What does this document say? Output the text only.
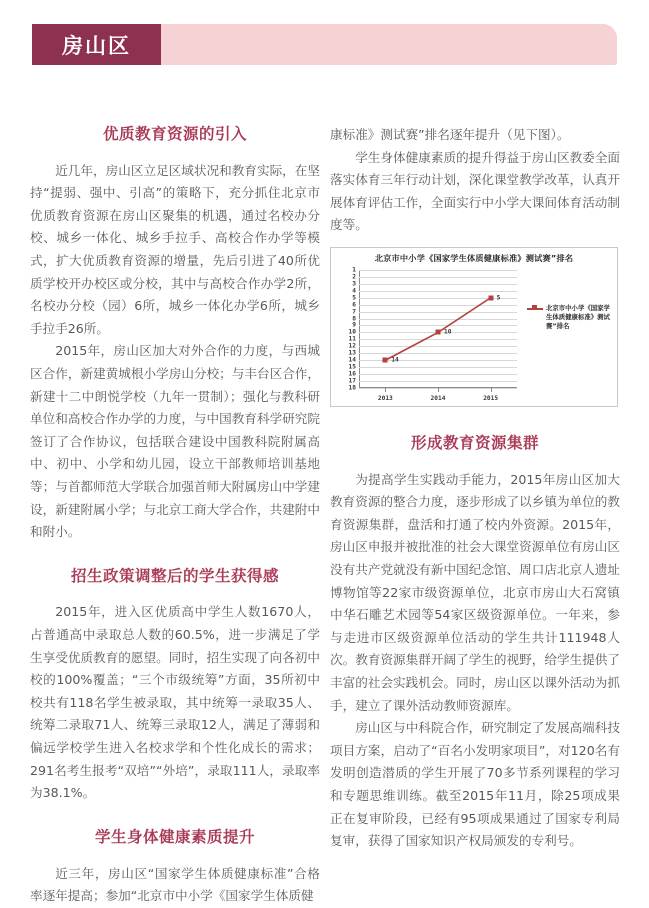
房山区
优质教育资源的引入

近几年，房山区立足区域状况和教育实际，在坚持“提弱、强中、引高”的策略下，充分抓住北京市优质教育资源在房山区聚集的机遇，通过名校办分校、城乡一体化、城乡手拉手、高校合作办学等模式，扩大优质教育资源的增量，先后引进了40所优质学校开办校区或分校，其中与高校合作办学2所，名校办分校（园）6所，城乡一体化办学6所，城乡手拉手26所。

2015年，房山区加大对外合作的力度，与西城区合作，新建黄城根小学房山分校；与丰台区合作，新建十二中朗悦学校（九年一贯制）；强化与教科研单位和高校合作办学的力度，与中国教育科学研究院签订了合作协议，包括联合建设中国教科院附属高中、初中、小学和幼儿园，设立干部教师培训基地等；与首都师范大学联合加强首师大附属房山中学建设，新建附属小学；与北京工商大学合作，共建附中和附小。

招生政策调整后的学生获得感

2015年，进入区优质高中学生人数1670人，占普通高中录取总人数的60.5%，进一步满足了学生享受优质教育的愿望。同时，招生实现了向各初中校的100%覆盖；“三个市级统筹”方面，35所初中校共有118名学生被录取，其中统筹一录取35人、统筹二录取71人、统筹三录取12人，满足了薄弱和偏远学校学生进入名校求学和个性化成长的需求；291名考生报考“双培”“外培”，录取111人，录取率为38.1%。

学生身体健康素质提升

近三年，房山区“国家学生体质健康标准”合格率逐年提高；参加“北京市中小学《国家学生体质健

康标准》测试赛”排名逐年提升（见下图）。

学生身体健康素质的提升得益于房山区教委全面落实体育三年行动计划，深化课堂教学改革，认真开展体育评估工作，全面实行中小学大课间体育活动制度等。

北京市中小学《国家学生体质健康标准》测试赛”排名
1
2
3
4
5
6
7
8
9
10
11
12
13
14
15
16
17
18
2013	2014	2015
14
10
5
北京市中小学《国家学生体质健康标准》测试赛”排名
形成教育资源集群

为提高学生实践动手能力，2015年房山区加大教育资源的整合力度，逐步形成了以乡镇为单位的教育资源集群，盘活和打通了校内外资源。2015年，房山区申报并被批准的社会大课堂资源单位有房山区没有共产党就没有新中国纪念馆、周口店北京人遗址博物馆等22家市级资源单位，北京市房山大石窝镇中华石雕艺术园等54家区级资源单位。一年来，参与走进市区级资源单位活动的学生共计111948人次。教育资源集群开阔了学生的视野，给学生提供了丰富的社会实践机会。同时，房山区以课外活动为抓手，建立了课外活动教师资源库。

房山区与中科院合作，研究制定了发展高端科技项目方案，启动了“百名小发明家项目”，对120名有发明创造潜质的学生开展了70多节系列课程的学习和专题思维训练。截至2015年11月，除25项成果正在复审阶段，已经有95项成果通过了国家专利局复审，获得了国家知识产权局颁发的专利号。
